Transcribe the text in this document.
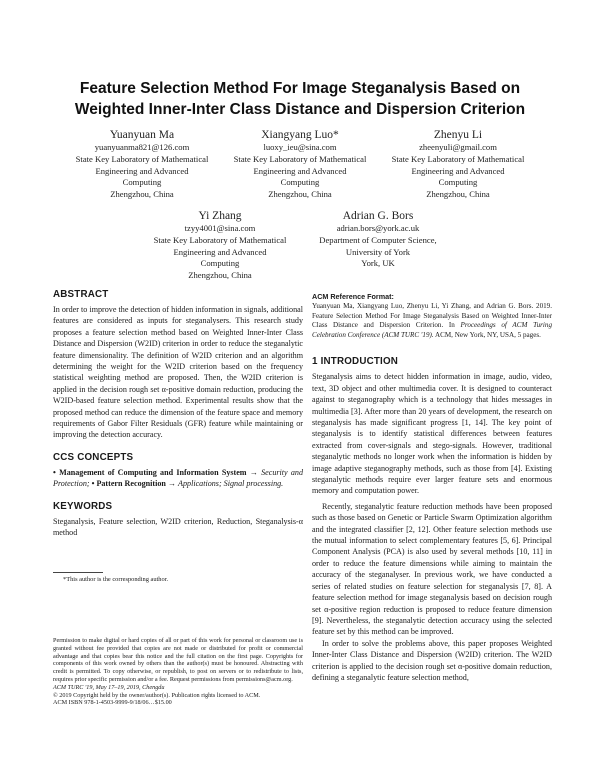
Feature Selection Method For Image Steganalysis Based on
Weighted Inner-Inter Class Distance and Dispersion Criterion
Yuanyuan Ma
yuanyuanma821@126.com
State Key Laboratory of Mathematical
Engineering and Advanced
Computing
Zhengzhou, China
Xiangyang Luo*
luoxy_ieu@sina.com
State Key Laboratory of Mathematical
Engineering and Advanced
Computing
Zhengzhou, China
Zhenyu Li
zheenyuli@gmail.com
State Key Laboratory of Mathematical
Engineering and Advanced
Computing
Zhengzhou, China
Yi Zhang
tzyy4001@sina.com
State Key Laboratory of Mathematical
Engineering and Advanced
Computing
Zhengzhou, China
Adrian G. Bors
adrian.bors@york.ac.uk
Department of Computer Science,
University of York
York, UK
ABSTRACT

In order to improve the detection of hidden information in signals, additional features are considered as inputs for steganalysers. This research study proposes a feature selection method based on Weighted Inner-Inter Class Distance and Dispersion (W2ID) criterion in order to reduce the steganalytic feature dimensionality. The definition of W2ID criterion and an algorithm determining the weight for the W2ID criterion based on the frequency statistical weighting method are proposed. Then, the W2ID criterion is applied in the decision rough set α-positive domain reduction, producing the W2ID-based feature selection method. Experimental results show that the proposed method can reduce the dimension of the feature space and memory requirements of Gabor Filter Residuals (GFR) feature while maintaining or improving the detection accuracy.

CCS CONCEPTS

• Management of Computing and Information System → Security and Protection; • Pattern Recognition → Applications; Signal processing.

KEYWORDS

Steganalysis, Feature selection, W2ID criterion, Reduction, Steganalysis-α method

*This author is the corresponding author.

Permission to make digital or hard copies of all or part of this work for personal or classroom use is granted without fee provided that copies are not made or distributed for profit or commercial advantage and that copies bear this notice and the full citation on the first page. Copyrights for components of this work owned by others than the author(s) must be honoured. Abstracting with credit is permitted. To copy otherwise, or republish, to post on servers or to redistribute to lists, requires prior specific permission and/or a fee. Request permissions from permissions@acm.org.

ACM TURC '19, May 17–19, 2019, Chengdu

© 2019 Copyright held by the owner/author(s). Publication rights licensed to ACM.

ACM ISBN 978-1-4503-9999-9/18/06…$15.00

ACM Reference Format:

Yuanyuan Ma, Xiangyang Luo, Zhenyu Li, Yi Zhang, and Adrian G. Bors. 2019. Feature Selection Method For Image Steganalysis Based on Weighted Inner-Inter Class Distance and Dispersion Criterion. In Proceedings of ACM Turing Celebration Conference (ACM TURC '19). ACM, New York, NY, USA, 5 pages.

1 INTRODUCTION

Steganalysis aims to detect hidden information in image, audio, video, text, 3D object and other multimedia cover. It is designed to counteract against to steganography which is a technology that hides messages in multimedia [3]. After more than 20 years of development, the research on steganalysis has made significant progress [1, 14]. The key point of steganalysis is to identify statistical differences between features extracted from cover-signals and stego-signals. However, traditional steganalytic methods no longer work when the information is hidden by image adaptive steganography methods, such as those from [4]. Existing steganalytic methods require ever larger feature sets and enormous memory and computation power.

Recently, steganalytic feature reduction methods have been proposed such as those based on Genetic or Particle Swarm Optimization algorithm and the integrated classifier [2, 12]. Other feature selection methods use the mutual information to select complementary features [5, 6]. Principal Component Analysis (PCA) is also used by several methods [10, 11] in order to reduce the feature dimensions while aiming to maintain the accuracy of the steganalyser. In previous work, we have conducted a series of related studies on feature selection for steganalysis [7, 8]. A feature selection method for image steganalysis based on decision rough set α-positive region reduction is proposed to reduce feature dimension [9]. Nevertheless, the steganalytic detection accuracy using the selected feature set by this method can be improved.

In order to solve the problems above, this paper proposes Weighted Inner-Inter Class Distance and Dispersion (W2ID) criterion. The W2ID criterion is applied to the decision rough set α-positive domain reduction, defining a steganalytic feature selection method,
